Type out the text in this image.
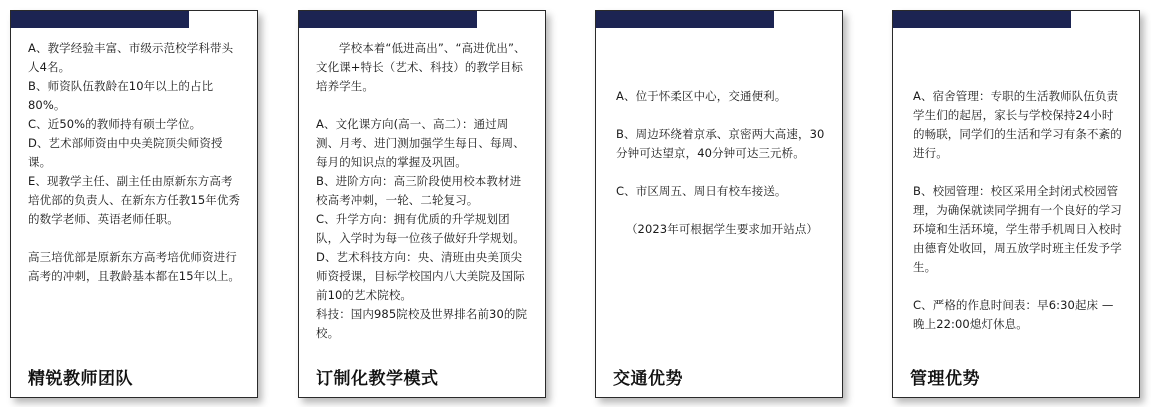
A、教学经验丰富、市级示范校学科带头人4名。

B、师资队伍教龄在10年以上的占比80%。

C、近50%的教师持有硕士学位。

D、艺术部师资由中央美院顶尖师资授课。

E、现教学主任、副主任由原新东方高考培优部的负责人、在新东方任教15年优秀的数学老师、英语老师任职。

高三培优部是原新东方高考培优师资进行高考的冲刺，且教龄基本都在15年以上。

精锐教师团队

学校本着“低进高出”、“高进优出”、文化课+特长（艺术、科技）的教学目标培养学生。

A、文化课方向(高一、高二）：通过周测、月考、进门测加强学生每日、每周、每月的知识点的掌握及巩固。

B、进阶方向：高三阶段使用校本教材进校高考冲刺，一轮、二轮复习。

C、升学方向：拥有优质的升学规划团队，入学时为每一位孩子做好升学规划。

D、艺术科技方向：央、清班由央美顶尖师资授课，目标学校国内八大美院及国际前10的艺术院校。

科技：国内985院校及世界排名前30的院校。

订制化教学模式

A、位于怀柔区中心，交通便利。

B、周边环绕着京承、京密两大高速，30分钟可达望京，40分钟可达三元桥。

C、市区周五、周日有校车接送。

（2023年可根据学生要求加开站点）

交通优势

A、宿舍管理：专职的生活教师队伍负责学生们的起居，家长与学校保持24小时的畅联，同学们的生活和学习有条不紊的进行。

B、校园管理：校区采用全封闭式校园管理，为确保就读同学拥有一个良好的学习环境和生活环境，学生带手机周日入校时由德育处收回，周五放学时班主任发予学生。

C、严格的作息时间表：早6:30起床 — 晚上22:00熄灯休息。

管理优势
